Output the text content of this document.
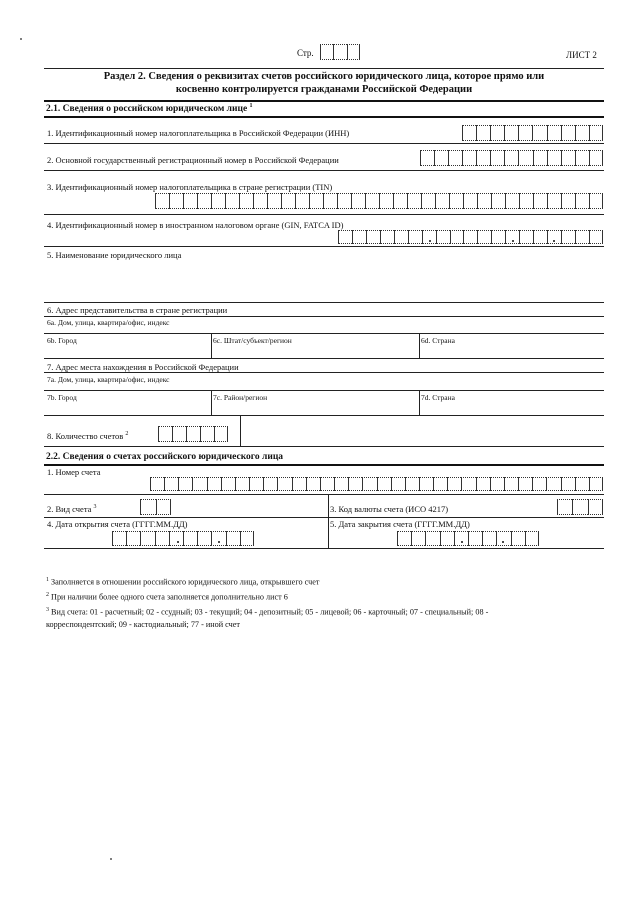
Стр.	ЛИСТ 2
Раздел 2. Сведения о реквизитах счетов российского юридического лица, которое прямо или
косвенно контролируется гражданами Российской Федерации
2.1. Сведения о российском юридическом лице $^1$
1. Идентификационный номер налогоплательщика в Российской Федерации (ИНН)
2. Основной государственный регистрационный номер в Российской Федерации
3. Идентификационный номер налогоплательщика в стране регистрации (TIN)
4. Идентификационный номер в иностранном налоговом органе (GIN, FATCA ID)
5. Наименование юридического лица
6. Адрес представительства в стране регистрации
6а. Дом, улица, квартира/офис, индекс
6b. Город	6c. Штат/субъект/регион	6d. Страна
7. Адрес места нахождения в Российской Федерации
7а. Дом, улица, квартира/офис, индекс
7b. Город	7c. Район/регион	7d. Страна
8. Количество счетов $^2$
2.2. Сведения о счетах российского юридического лица
1. Номер счета
2. Вид счета $^3$	3. Код валюты счета (ИСО 4217)
4. Дата открытия счета (ГГГГ.ММ.ДД)	5. Дата закрытия счета (ГГГГ.ММ.ДД)
$^1$ Заполняется в отношении российского юридического лица, открывшего счет
$^2$ При наличии более одного счета заполняется дополнительно лист 6
$^3$ Вид счета: 01 - расчетный; 02 - ссудный; 03 - текущий; 04 - депозитный; 05 - лицевой; 06 - карточный; 07 - специальный; 08 -
корреспондентский; 09 - кастодиальный; 77 - иной счет
